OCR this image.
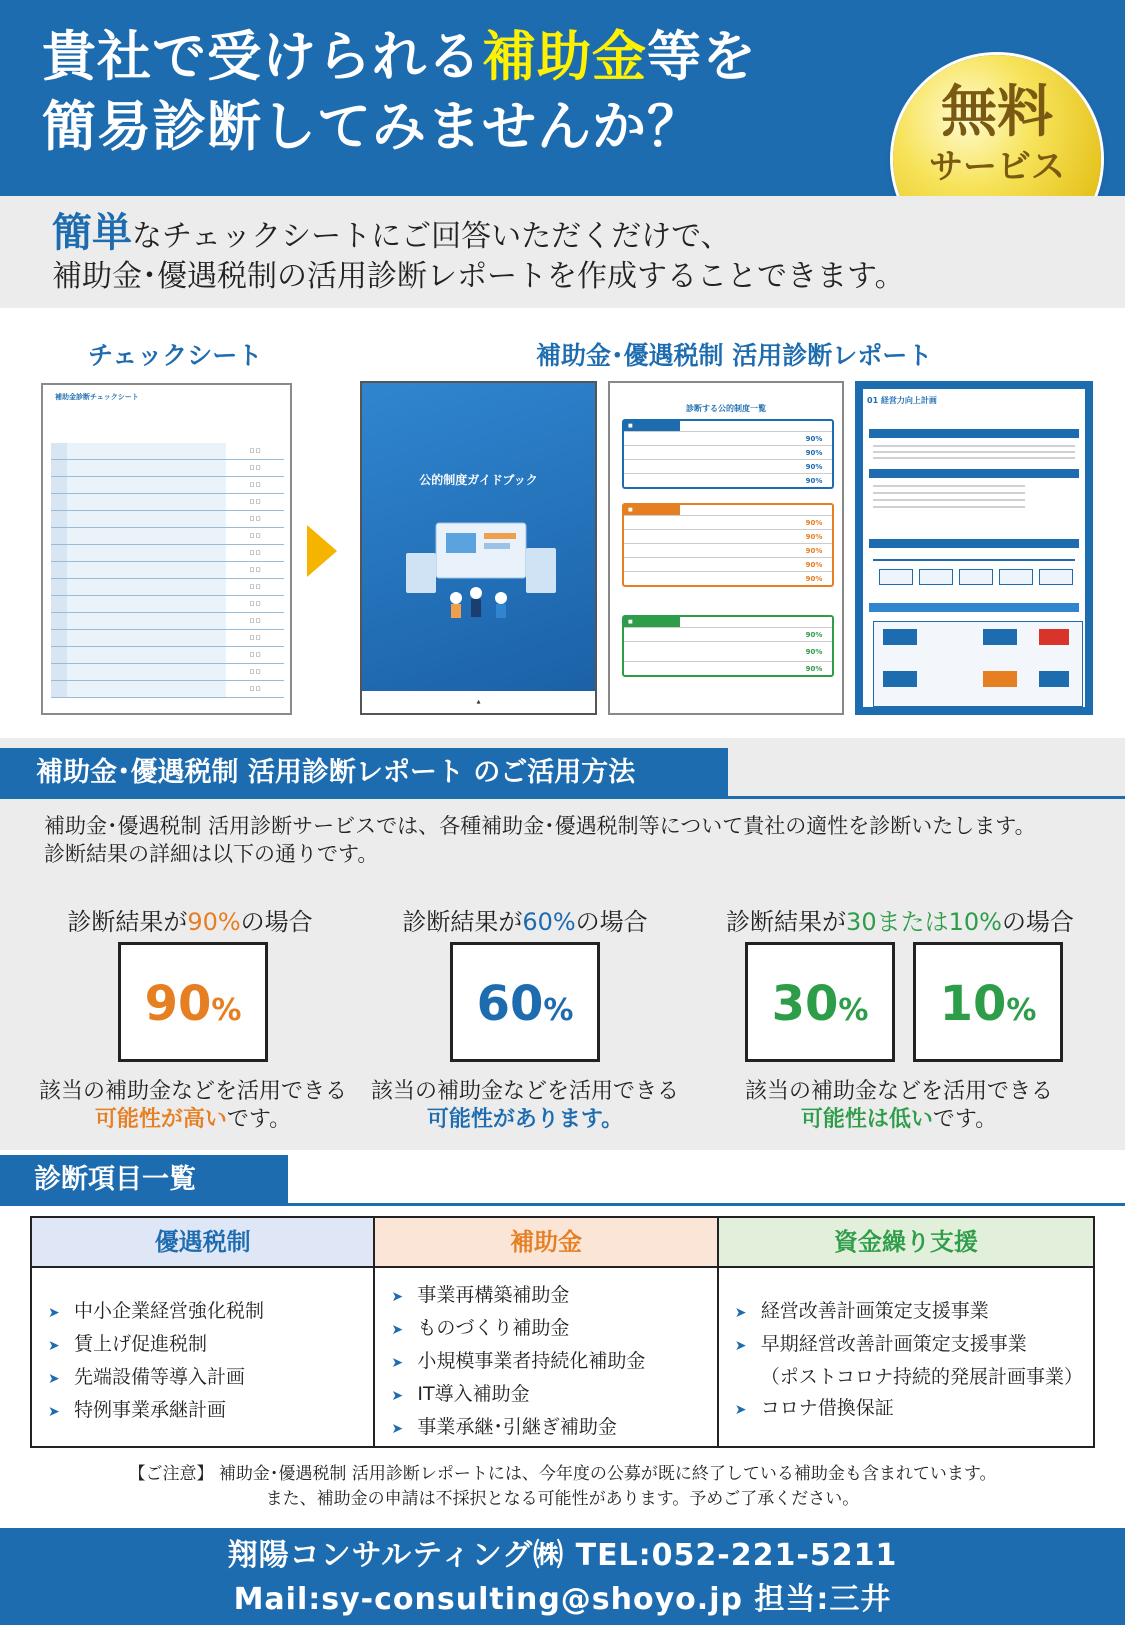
貴社で受けられる補助金等を
簡易診断してみませんか？	無料
サービス
簡単なチェックシートにご回答いただくだけで、
補助金･優遇税制の活用診断レポートを作成することできます。
チェックシート	補助金･優遇税制 活用診断レポート
補助金診断チェックシート
□ □
□ □
□ □
□ □
□ □
□ □
□ □
□ □
□ □
□ □
□ □
□ □
□ □
□ □
□ □
公的制度ガイドブック
▲
診断する公的制度一覧
■

90%

90%

90%

90%
■

90%

90%

90%

90%

90%
■

90%

90%

90%
01 経営力向上計画
補助金･優遇税制 活用診断レポート のご活用方法
補助金･優遇税制 活用診断サービスでは、各種補助金･優遇税制等について貴社の適性を診断いたします。
診断結果の詳細は以下の通りです。
診断結果が90%の場合
90%
該当の補助金などを活用できる
可能性が高いです。
診断結果が60%の場合
60%
該当の補助金などを活用できる
可能性があります。
診断結果が30または10%の場合
30%	10%
該当の補助金などを活用できる
可能性は低いです。
診断項目一覧
優遇税制
➤ 中小企業経営強化税制
➤ 賃上げ促進税制
➤ 先端設備等導入計画
➤ 特例事業承継計画
補助金
➤ 事業再構築補助金
➤ ものづくり補助金
➤ 小規模事業者持続化補助金
➤ IT導入補助金
➤ 事業承継･引継ぎ補助金
資金繰り支援
➤ 経営改善計画策定支援事業
➤ 早期経営改善計画策定支援事業
（ポストコロナ持続的発展計画事業）
➤ コロナ借換保証
【ご注意】 補助金･優遇税制 活用診断レポートには、今年度の公募が既に終了している補助金も含まれています。
また、補助金の申請は不採択となる可能性があります。予めご了承ください。
翔陽コンサルティング㈱ TEL:052-221-5211
Mail:sy-consulting@shoyo.jp 担当:三井
